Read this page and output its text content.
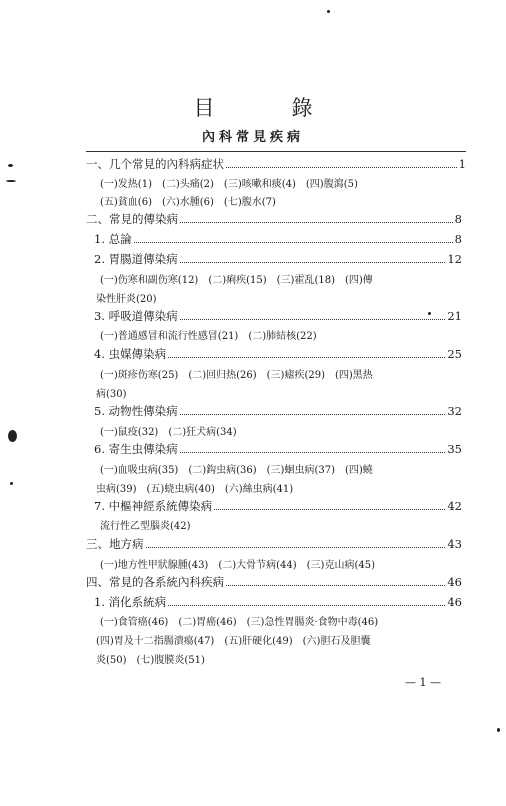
目　錄
內科常見疾病
一、几个常見的內科病症状	1
(一)发热(1)　(二)头痛(2)　(三)咳嗽和痰(4)　(四)腹瀉(5)
(五)貧血(6)　(六)水腫(6)　(七)腹水(7)
二、常見的傳染病	8
1. 总論	8
2. 胃腸道傳染病	12
(一)伤寒和副伤寒(12)　(二)痢疾(15)　(三)霍乱(18)　(四)傳
染性肝炎(20)
3. 呼吸道傳染病	21
(一)普通感冒和流行性感冒(21)　(二)肺結核(22)
4. 虫媒傳染病	25
(一)斑疹伤寒(25)　(二)回归热(26)　(三)瘧疾(29)　(四)黑热
病(30)
5. 动物性傳染病	32
(一)鼠疫(32)　(二)狂犬病(34)
6. 寄生虫傳染病	35
(一)血吸虫病(35)　(二)鈎虫病(36)　(三)蛔虫病(37)　(四)蟯
虫病(39)　(五)蛲虫病(40)　(六)絲虫病(41)
7. 中樞神經系統傳染病	42
流行性乙型腦炎(42)
三、地方病	43
(一)地方性甲狀腺腫(43)　(二)大骨节病(44)　(三)克山病(45)
四、常見的各系統內科疾病	46
1. 消化系統病	46
(一)食管癌(46)　(二)胃癌(46)　(三)急性胃腸炎·食物中毒(46)
(四)胃及十二指腸潰瘍(47)　(五)肝硬化(49)　(六)胆石及胆囊
炎(50)　(七)腹膜炎(51)
— 1 —
